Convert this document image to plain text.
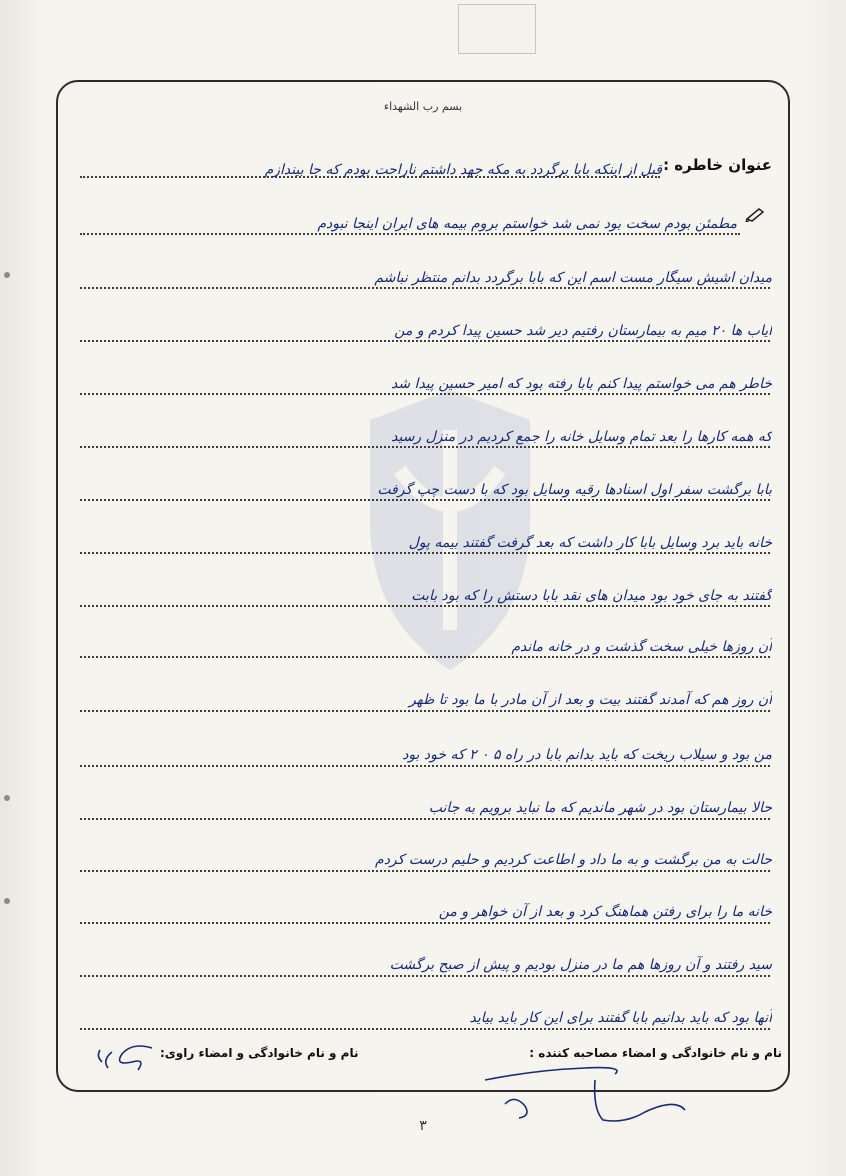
بسم رب الشهداء
عنوان خاطره :
قبل از اینکه بابا برگردد به مکه جهد داشتم ناراحت بودم که جا بیندازم
مطمئن بودم سخت بود نمی شد خواستم بروم بیمه های ایران اینجا نبودم
میدان اشیش سیگار مست اسم این که بابا برگردد بدانم منتظر نباشم
ایاب ها ۲۰ میم به بیمارستان رفتیم دیر شد حسین پیدا کردم و من
خاطر هم می خواستم پیدا کنم بابا رفته بود که امیر حسین پیدا شد
که همه کارها را بعد تمام وسایل خانه را جمع کردیم در منزل رسید
بابا برگشت سفر اول اسنادها رقیه وسایل بود که با دست چپ گرفت
خانه باید برد وسایل بابا کار داشت که بعد گرفت گفتند بیمه پول
گفتند به جای خود بود میدان های نقد بابا دستش را که بود بابت
آن روزها خیلی سخت گذشت و در خانه ماندم
آن روز هم که آمدند گفتند بیت و بعد از آن مادر با ما بود تا ظهر
من بود و سیلاب ریخت که باید بدانم بابا در راه ۵ ۰ ۲ که خود بود
حالا بیمارستان بود در شهر ماندیم که ما نباید برویم به جانب
حالت به من برگشت و به ما داد و اطاعت کردیم و حلیم درست کردم
خانه ما را برای رفتن هماهنگ کرد و بعد از آن خواهر و من
سید رفتند و آن روزها هم ما در منزل بودیم و پیش از صبح برگشت
آنها بود که باید بدانیم بابا گفتند برای این کار باید بیاید
نام و نام خانوادگی و امضاء مصاحبه کننده :
نام و نام خانوادگی و امضاء راوی:
٣
